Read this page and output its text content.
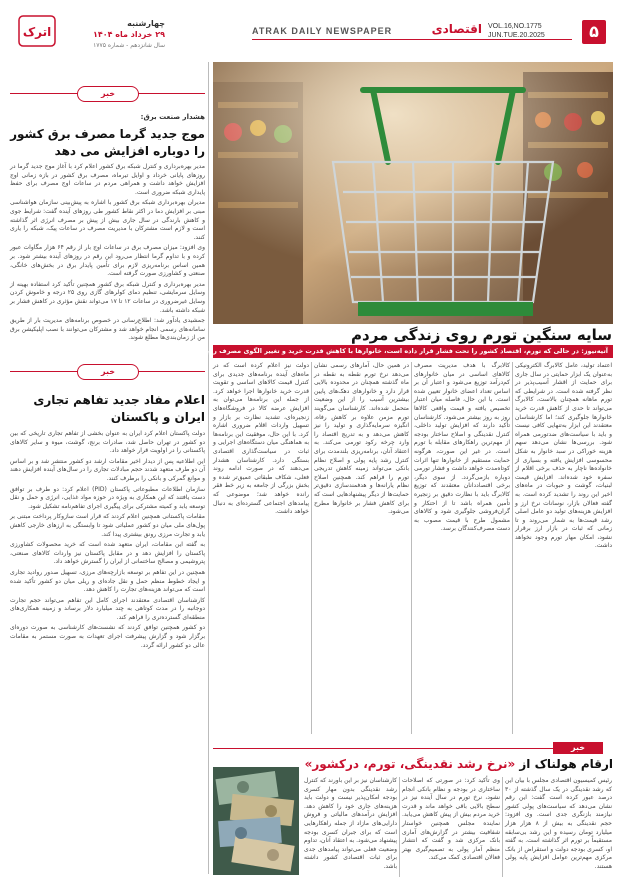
۵
VOL.16,NO.1775
JUN.TUE.20.2025
اقتصادی
ATRAK DAILY NEWSPAPER
اترک
چهارشنبه
۲۹ خرداد ماه ۱۴۰۴
سال شانزدهم - شماره ۱۷۷۵
خبر
هشدار صنعت برق:
موج جدید گرما مصرف برق کشور را دوباره افزایش می دهد

مدیر بهره‌برداری و کنترل شبکه برق کشور اعلام کرد با آغاز موج جدید گرما در روزهای پایانی خرداد و اوایل تیرماه، مصرف برق کشور در بازه زمانی اوج افزایش خواهد داشت و همراهی مردم در ساعات اوج مصرف برای حفظ پایداری شبکه ضروری است.

مدیران بهره‌برداری شبکه برق کشور با اشاره به پیش‌بینی سازمان هواشناسی مبنی بر افزایش دما در اکثر نقاط کشور طی روزهای آینده گفت: شرایط جوی و کاهش بارندگی در سال جاری بیش از پیش بر مصرف انرژی اثر گذاشته است و لازم است مشترکان با مدیریت مصرف در ساعات پیک، شبکه را یاری کنند.

وی افزود: میزان مصرف برق در ساعات اوج بار از رقم ۶۴ هزار مگاوات عبور کرده و با تداوم گرما انتظار می‌رود این رقم در روزهای آینده بیشتر شود. بر همین اساس برنامه‌ریزی لازم برای تأمین پایدار برق در بخش‌های خانگی، صنعتی و کشاورزی صورت گرفته است.

مدیر بهره‌برداری و کنترل شبکه برق کشور همچنین تأکید کرد استفاده بهینه از وسایل سرمایشی، تنظیم دمای کولرهای گازی روی ۲۵ درجه و خاموش کردن وسایل غیرضروری در ساعات ۱۲ تا ۱۷ می‌تواند نقش مؤثری در کاهش فشار بر شبکه داشته باشد.

جمشیدی یادآور شد: اطلاع‌رسانی در خصوص برنامه‌های مدیریت بار از طریق سامانه‌های رسمی انجام خواهد شد و مشترکان می‌توانند با نصب اپلیکیشن برق من از زمان‌بندی‌ها مطلع شوند.

خبر
اعلام مفاد جدید تفاهم تجاری ایران و پاکستان

دولت پاکستان اعلام کرد ایران به عنوان بخشی از تفاهم تجاری تاریخی که بین دو کشور در تهران حاصل شد، صادرات برنج، گوشت، میوه و سایر کالاهای پاکستانی را در اولویت قرار خواهد داد.

این اطلاعیه پس از دیدار اخیر مقامات ارشد دو کشور منتشر شد و بر اساس آن دو طرف متعهد شدند حجم مبادلات تجاری را در سال‌های آینده افزایش دهند و موانع گمرکی و بانکی را برطرف کنند.

سازمان اطلاعات مطبوعاتی پاکستان (PID) اعلام کرد: دو طرف بر توافق دست یافتند که این همکاری به ویژه در حوزه مواد غذایی، انرژی و حمل و نقل توسعه یابد و کمیته مشترکی برای پیگیری اجرای تفاهم‌نامه تشکیل شود.

مقامات پاکستانی همچنین اعلام کردند که قرار است سازوکار پرداخت مبتنی بر پول‌های ملی میان دو کشور عملیاتی شود تا وابستگی به ارزهای خارجی کاهش یابد و تجارت مرزی رونق بیشتری پیدا کند.

به گفته این مقامات، ایران متعهد شده است که خرید محصولات کشاورزی پاکستان را افزایش دهد و در مقابل پاکستان نیز واردات کالاهای صنعتی، پتروشیمی و مصالح ساختمانی از ایران را گسترش خواهد داد.

همچنین در این تفاهم بر توسعه بازارچه‌های مرزی، تسهیل صدور روادید تجاری و ایجاد خطوط منظم حمل و نقل جاده‌ای و ریلی میان دو کشور تأکید شده است که می‌تواند هزینه‌های تجارت را کاهش دهد.

کارشناسان اقتصادی معتقدند اجرای کامل این تفاهم می‌تواند حجم تجارت دوجانبه را در مدت کوتاهی به چند میلیارد دلار برساند و زمینه همکاری‌های منطقه‌ای گسترده‌تری را فراهم کند.

دو کشور همچنین توافق کردند که نشست‌های کارشناسی به صورت دوره‌ای برگزار شود و گزارش پیشرفت اجرای تعهدات به صورت مستمر به مقامات عالی دو کشور ارائه گردد.

سایه سنگین تورم روی زندگی مردم
آتیه‌نیوز: در حالی که تورم، اقتصاد کشور را تحت فشار قرار داده است، خانوارها با کاهش قدرت خرید و تغییر الگوی مصرف روبه‌رو شده‌اند.

اعتماد تولید، عامل کالابرگ الکترونیکی به‌عنوان یک ابزار حمایتی در سال جاری برای حمایت از اقشار آسیب‌پذیر در نظر گرفته شده است. در شرایطی که تورم ماهانه همچنان بالاست، کالابرگ می‌تواند تا حدی از کاهش قدرت خرید خانوارها جلوگیری کند؛ اما کارشناسان معتقدند این ابزار به‌تنهایی کافی نیست و باید با سیاست‌های ضدتورمی همراه شود. بررسی‌ها نشان می‌دهد سهم هزینه خوراکی در سبد خانوار به شکل محسوسی افزایش یافته و بسیاری از خانواده‌ها ناچار به حذف برخی اقلام از سفره خود شده‌اند. افزایش قیمت لبنیات، گوشت و حبوبات در ماه‌های اخیر این روند را تشدید کرده است. به گفته فعالان بازار، نوسانات نرخ ارز و افزایش هزینه‌های تولید دو عامل اصلی رشد قیمت‌ها به شمار می‌روند و تا زمانی که ثبات در بازار ارز برقرار نشود، امکان مهار تورم وجود نخواهد داشت.

کالابرگ با هدف مدیریت مصرف کالاهای اساسی در میان خانوارهای کم‌درآمد توزیع می‌شود و اعتبار آن بر اساس تعداد اعضای خانوار تعیین شده است. با این حال، فاصله میان اعتبار تخصیص یافته و قیمت واقعی کالاها روز به روز بیشتر می‌شود. کارشناسان تأکید دارند که افزایش تولید داخلی، کنترل نقدینگی و اصلاح ساختار بودجه از مهم‌ترین راهکارهای مقابله با تورم است. در غیر این صورت، هرگونه حمایت مستقیم از خانوارها تنها اثرات کوتاه‌مدت خواهد داشت و فشار تورمی دوباره بازمی‌گردد. از سوی دیگر، برخی اقتصاددانان معتقدند که توزیع کالابرگ باید با نظارت دقیق بر زنجیره تأمین همراه باشد تا از احتکار و گران‌فروشی جلوگیری شود و کالاهای مشمول طرح با قیمت مصوب به دست مصرف‌کنندگان برسد.

در همین حال، آمارهای رسمی نشان می‌دهد نرخ تورم نقطه به نقطه در ماه گذشته همچنان در محدوده بالایی قرار دارد و خانوارهای دهک‌های پایین بیشترین آسیب را از این وضعیت متحمل شده‌اند. کارشناسان می‌گویند تورم مزمن علاوه بر کاهش رفاه، انگیزه سرمایه‌گذاری و تولید را نیز کاهش می‌دهد و به تدریج اقتصاد را وارد چرخه رکود تورمی می‌کند. به اعتقاد آنان، برنامه‌ریزی بلندمدت برای کنترل رشد پایه پولی و اصلاح نظام بانکی می‌تواند زمینه کاهش تدریجی تورم را فراهم کند. همچنین اصلاح نظام یارانه‌ها و هدفمندسازی دقیق‌تر حمایت‌ها از دیگر پیشنهادهایی است که برای کاهش فشار بر خانوارها مطرح می‌شود.

دولت نیز اعلام کرده است که در ماه‌های آینده برنامه‌های جدیدی برای کنترل قیمت کالاهای اساسی و تقویت قدرت خرید خانوارها اجرا خواهد کرد. از جمله این برنامه‌ها می‌توان به افزایش عرضه کالا در فروشگاه‌های زنجیره‌ای، تشدید نظارت بر بازار و تسهیل واردات اقلام ضروری اشاره کرد. با این حال، موفقیت این برنامه‌ها به هماهنگی میان دستگاه‌های اجرایی و ثبات در سیاست‌گذاری اقتصادی بستگی دارد. کارشناسان هشدار می‌دهند که در صورت ادامه روند فعلی، شکاف طبقاتی عمیق‌تر شده و بخش بزرگی از جامعه به زیر خط فقر رانده خواهد شد؛ موضوعی که پیامدهای اجتماعی گسترده‌ای به دنبال خواهد داشت.

خبر
ارقام هولناک از «نرخ رشد نقدینگی، تورم، درکشور»

رئیس کمیسیون اقتصادی مجلس با بیان این که رشد نقدینگی در یک سال گذشته از ۳۰ درصد عبور کرده است گفت: این رقم نشان می‌دهد که سیاست‌های پولی کشور نیازمند بازنگری جدی است. وی افزود: حجم نقدینگی به بیش از ۸ هزار هزار میلیارد تومان رسیده و این رشد بی‌سابقه مستقیماً بر تورم اثر گذاشته است. به گفته او، کسری بودجه دولت و استقراض از بانک مرکزی مهم‌ترین عوامل افزایش پایه پولی هستند.

وی تأکید کرد: در صورتی که اصلاحات ساختاری در بودجه و نظام بانکی انجام نشود، نرخ تورم در سال آینده نیز در سطح بالایی باقی خواهد ماند و قدرت خرید مردم بیش از پیش کاهش می‌یابد. نماینده مجلس همچنین خواستار شفافیت بیشتر در گزارش‌های آماری بانک مرکزی شد و گفت که انتشار منظم آمار پولی به تصمیم‌گیری بهتر فعالان اقتصادی کمک می‌کند.

کارشناسان نیز بر این باورند که کنترل رشد نقدینگی بدون مهار کسری بودجه امکان‌پذیر نیست و دولت باید هزینه‌های جاری خود را کاهش دهد. افزایش درآمدهای مالیاتی و فروش دارایی‌های مازاد از جمله راهکارهایی است که برای جبران کسری بودجه پیشنهاد می‌شود. به اعتقاد آنان، تداوم وضعیت فعلی می‌تواند پیامدهای جدی برای ثبات اقتصادی کشور داشته باشد.
